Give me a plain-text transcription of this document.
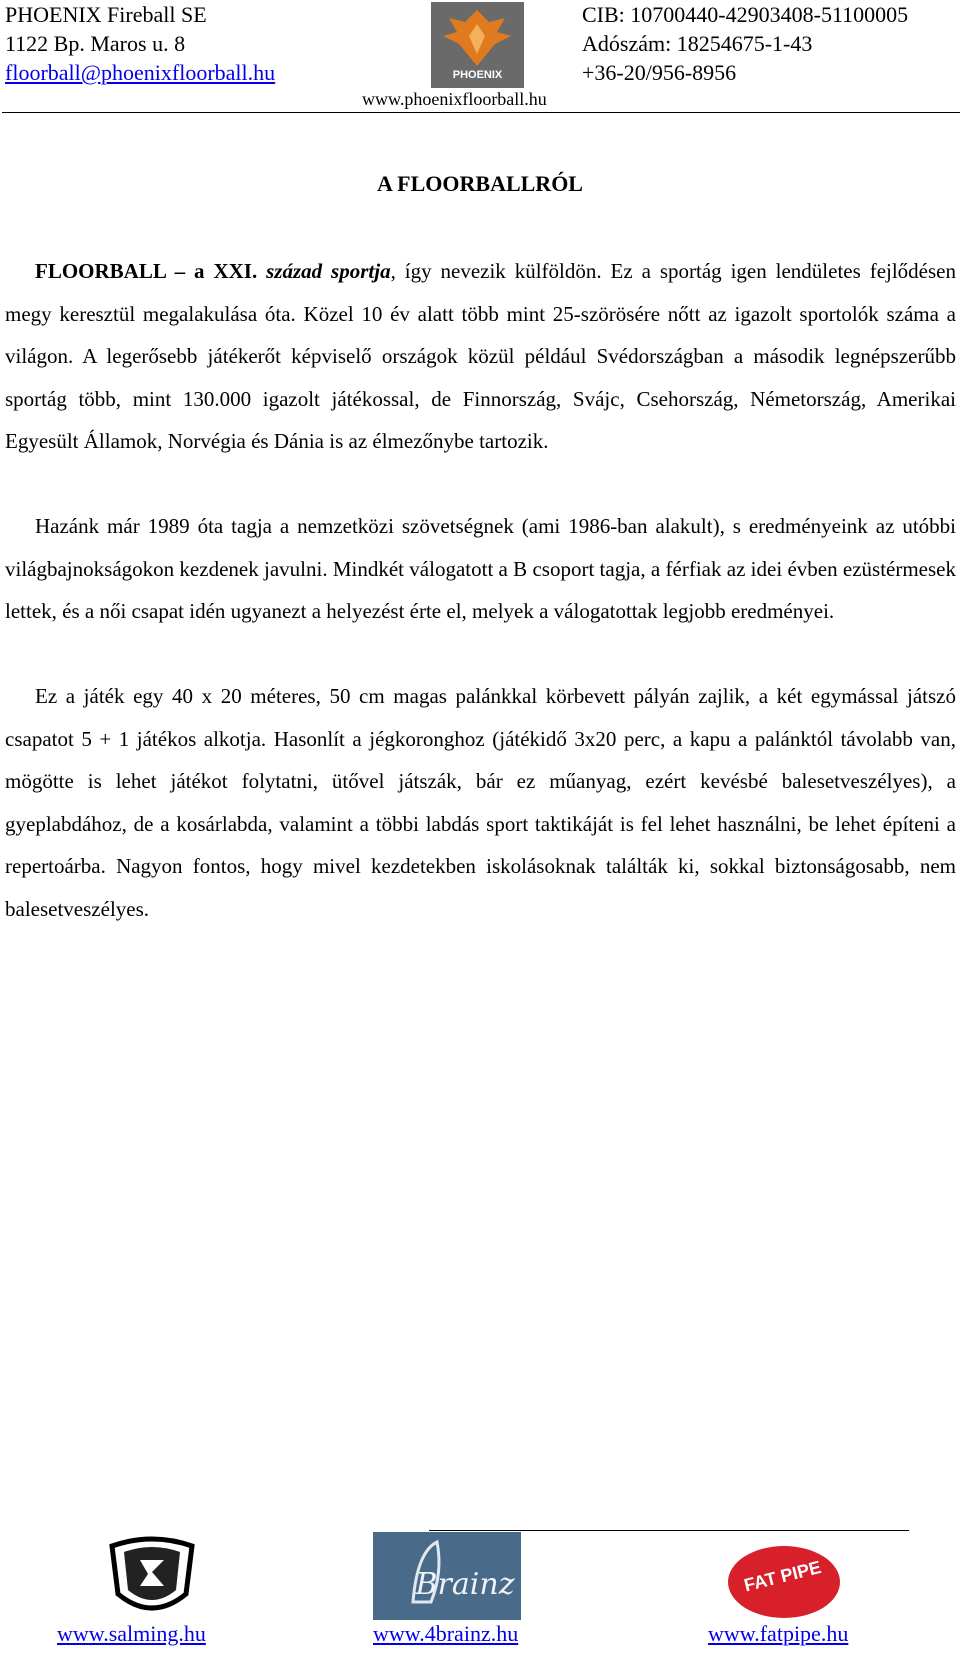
PHOENIX Fireball SE
1122 Bp. Maros u. 8
floorball@phoenixfloorball.hu	PHOENIX
CIB: 10700440-42903408-51100005
Adószám: 18254675-1-43
+36-20/956-8956
www.phoenixfloorball.hu
A FLOORBALLRÓL

FLOORBALL – a XXI. század sportja, így nevezik külföldön. Ez a sportág igen lendületes fejlődésen megy keresztül megalakulása óta. Közel 10 év alatt több mint 25-szörösére nőtt az igazolt sportolók száma a világon. A legerősebb játékerőt képviselő országok közül például Svédországban a második legnépszerűbb sportág több, mint 130.000 igazolt játékossal, de Finnország, Svájc, Csehország, Németország, Amerikai Egyesült Államok, Norvégia és Dánia is az élmezőnybe tartozik.

Hazánk már 1989 óta tagja a nemzetközi szövetségnek (ami 1986-ban alakult), s eredményeink az utóbbi világbajnokságokon kezdenek javulni. Mindkét válogatott a B csoport tagja, a férfiak az idei évben ezüstérmesek lettek, és a női csapat idén ugyanezt a helyezést érte el, melyek a válogatottak legjobb eredményei.

Ez a játék egy 40 x 20 méteres, 50 cm magas palánkkal körbevett pályán zajlik, a két egymással játszó csapatot 5 + 1 játékos alkotja. Hasonlít a jégkoronghoz (játékidő 3x20 perc, a kapu a palánktól távolabb van, mögötte is lehet játékot folytatni, ütővel játszák, bár ez műanyag, ezért kevésbé balesetveszélyes), a gyeplabdához, de a kosárlabda, valamint a többi labdás sport taktikáját is fel lehet használni, be lehet építeni a repertoárba. Nagyon fontos, hogy mivel kezdetekben iskolásoknak találták ki, sokkal biztonságosabb, nem balesetveszélyes.

Brainz	FAT PIPE
www.salming.hu	www.4brainz.hu	www.fatpipe.hu
